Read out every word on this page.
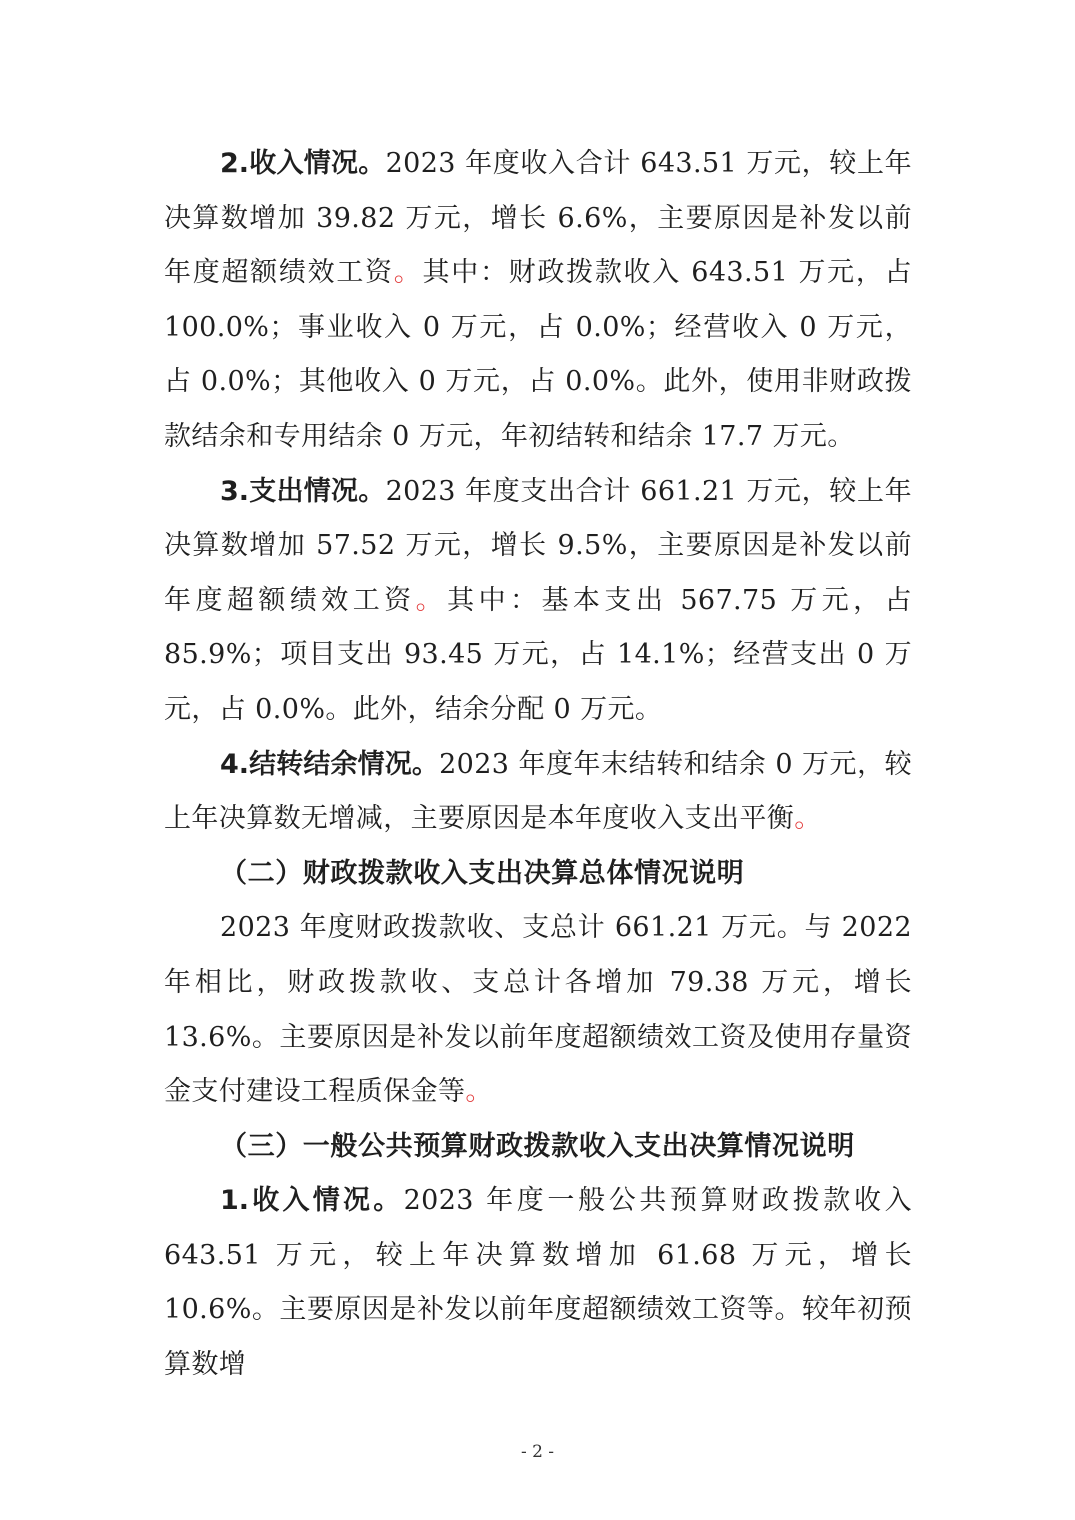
2.收入情况。2023 年度收入合计 643.51 万元，较上年决算数增加 39.82 万元，增长 6.6%，主要原因是补发以前年度超额绩效工资。其中：财政拨款收入 643.51 万元，占 100.0%；事业收入 0 万元，占 0.0%；经营收入 0 万元，占 0.0%；其他收入 0 万元，占 0.0%。此外，使用非财政拨款结余和专用结余 0 万元，年初结转和结余 17.7 万元。

3.支出情况。2023 年度支出合计 661.21 万元，较上年决算数增加 57.52 万元，增长 9.5%，主要原因是补发以前年度超额绩效工资。其中：基本支出 567.75 万元，占 85.9%；项目支出 93.45 万元，占 14.1%；经营支出 0 万元，占 0.0%。此外，结余分配 0 万元。

4.结转结余情况。2023 年度年末结转和结余 0 万元，较上年决算数无增减，主要原因是本年度收入支出平衡。

（二）财政拨款收入支出决算总体情况说明

2023 年度财政拨款收、支总计 661.21 万元。与 2022 年相比，财政拨款收、支总计各增加 79.38 万元，增长 13.6%。主要原因是补发以前年度超额绩效工资及使用存量资金支付建设工程质保金等。

（三）一般公共预算财政拨款收入支出决算情况说明

1.收入情况。2023 年度一般公共预算财政拨款收入 643.51 万元，较上年决算数增加 61.68 万元，增长 10.6%。主要原因是补发以前年度超额绩效工资等。较年初预算数增

- 2 -
